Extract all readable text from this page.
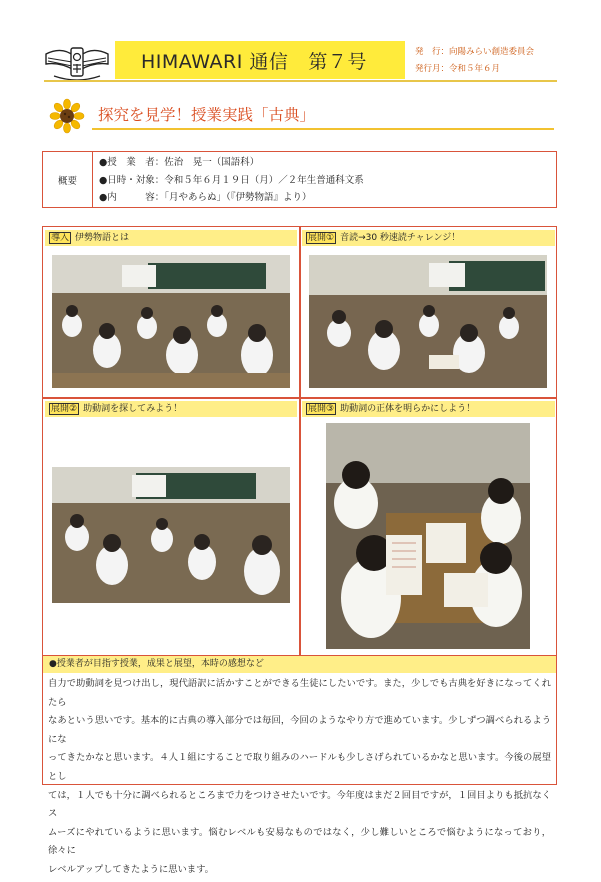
HIMAWARI 通信 第７号	発　行：向陽みらい創造委員会
発行月：令和５年６月
探究を見学！授業実践「古典」
概要
●授　業　者：佐治　晃一（国語科）
●日時・対象：令和５年６月１９日（月）／２年生普通科文系
●内　　　容：「月やあらぬ」（『伊勢物語』より）
導入 伊勢物語とは	展開① 音読→30 秒速読チャレンジ！
展開② 助動詞を探してみよう！	展開③ 助動詞の正体を明らかにしよう！
●授業者が目指す授業，成果と展望，本時の感想など
自力で助動詞を見つけ出し，現代語訳に活かすことができる生徒にしたいです。また，少しでも古典を好きになってくれたら
なあという思いです。基本的に古典の導入部分では毎回，今回のようなやり方で進めています。少しずつ調べられるようにな
ってきたかなと思います。４人１組にすることで取り組みのハードルも少しさげられているかなと思います。今後の展望とし
ては，１人でも十分に調べられるところまで力をつけさせたいです。今年度はまだ２回目ですが，１回目よりも抵抗なくス
ムーズにやれているように思います。悩むレベルも安易なものではなく，少し難しいところで悩むようになっており，徐々に
レベルアップしてきたように思います。
